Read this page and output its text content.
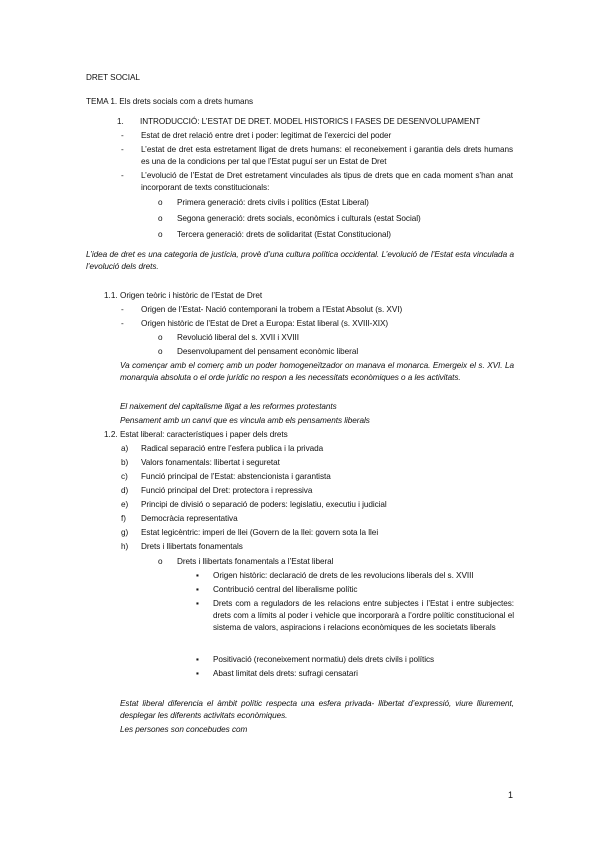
DRET SOCIAL
TEMA 1. Els drets socials com a drets humans
1. INTRODUCCIÓ: L’ESTAT DE DRET. MODEL HISTORICS I FASES DE DESENVOLUPAMENT
- Estat de dret relació entre dret i poder: legitimat de l’exercici del poder
- L’estat de dret esta estretament lligat de drets humans: el reconeixement i garantia dels drets humans es una de la condicions per tal que l’Estat puguí ser un Estat de Dret
- L’evolució de l’Estat de Dret estretament vinculades als tipus de drets que en cada moment s’han anat incorporant de texts constitucionals:
o Primera generació: drets civils i polítics (Estat Liberal)
o Segona generació: drets socials, econòmics i culturals (estat Social)
o Tercera generació: drets de solidaritat (Estat Constitucional)
L’idea de dret es una categoria de justícia, provè d’una cultura política occidental. L’evolució de l’Estat esta vinculada a l’evolució dels drets.
1.1. Origen teòric i històric de l’Estat de Dret
- Origen de l’Estat- Nació contemporani la trobem a l’Estat Absolut (s. XVI)
- Origen històric de l’Estat de Dret a Europa: Estat liberal (s. XVIII-XIX)
o Revolució liberal del s. XVII i XVIII
o Desenvolupament del pensament econòmic liberal
Va començar amb el comerç amb un poder homogeneïtzador on manava el monarca. Emergeix el s. XVI. La monarquia absoluta o el orde jurídic no respon a les necessitats econòmiques o a les activitats.
El naixement del capitalisme lligat a les reformes protestants
Pensament amb un canvi que es vincula amb els pensaments liberals
1.2. Estat liberal: característiques i paper dels drets
a) Radical separació entre l’esfera publica i la privada
b) Valors fonamentals: llibertat i seguretat
c) Funció principal de l’Estat: abstencionista i garantista
d) Funció principal del Dret: protectora i repressiva
e) Principi de divisió o separació de poders: legislatiu, executiu i judicial
f) Democràcia representativa
g) Estat legicèntric: imperi de llei (Govern de la llei: govern sota la llei
h) Drets i llibertats fonamentals
o Drets i llibertats fonamentals a l’Estat liberal
▪ Origen històric: declaració de drets de les revolucions liberals del s. XVIII
▪ Contribució central del liberalisme polític
▪ Drets com a reguladors de les relacions entre subjectes i l’Estat i entre subjectes: drets com a límits al poder i vehicle que incorporarà a l’ordre polític constitucional el sistema de valors, aspiracions i relacions econòmiques de les societats liberals
▪ Positivació (reconeixement normatiu) dels drets civils i polítics
▪ Abast limitat dels drets: sufragi censatari
Estat liberal diferencia el àmbit polític respecta una esfera privada- llibertat d’expressió, viure lliurement, desplegar les diferents activitats econòmiques.
Les persones son concebudes com
1
